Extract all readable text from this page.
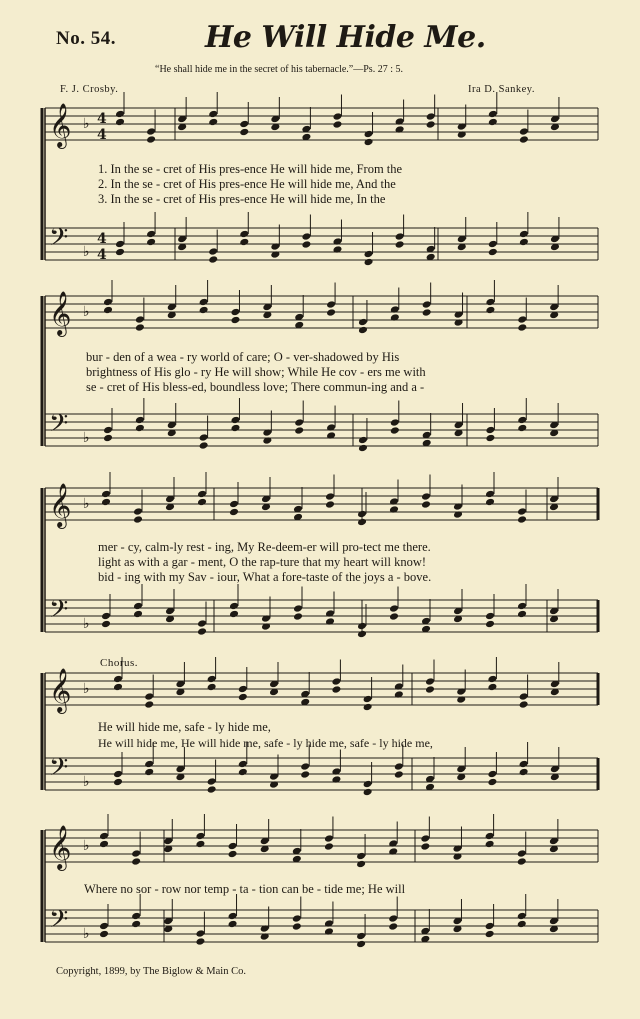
No. 54.	He Will Hide Me.
“He shall hide me in the secret of his tabernacle.”—Ps. 27 : 5.
F. J. Crosby.	Ira D. Sankey.
Chorus.
Copyright, 1899, by The Biglow & Main Co.
𝄞 ♭ 4
4
𝄢 ♭
4
4
𝄞 ♭
𝄢 ♭
𝄞 ♭
𝄢 ♭
𝄞 ♭
𝄢 ♭
𝄞 ♭
𝄢 ♭
1. In the se - cret of His pres-ence He will hide me, From the
2. In the se - cret of His pres-ence He will hide me, And the
3. In the se - cret of His pres-ence He will hide me, In the
bur - den of a wea - ry world of care; O - ver-shadowed by His
brightness of His glo - ry He will show; While He cov - ers me with
se - cret of His bless-ed, boundless love; There commun-ing and a -
mer - cy, calm-ly rest - ing, My Re-deem-er will pro-tect me there.
light as with a gar - ment, O the rap-ture that my heart will know!
bid - ing with my Sav - iour, What a fore-taste of the joys a - bove.
He will hide me, safe - ly hide me,
He will hide me, He will hide me, safe - ly hide me, safe - ly hide me,
Where no sor - row nor temp - ta - tion can be - tide me; He will
